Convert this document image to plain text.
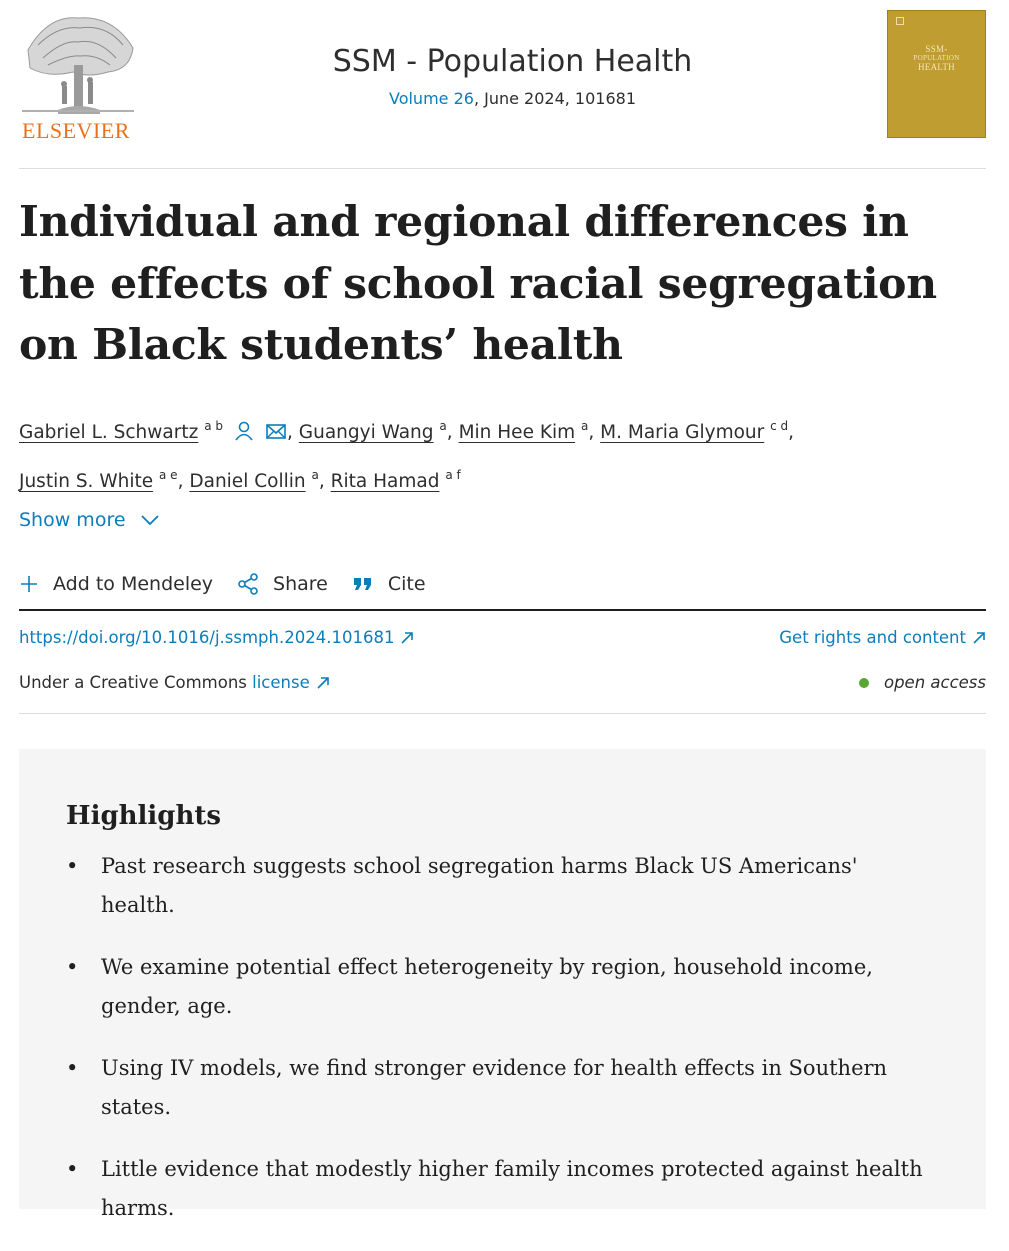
ELSEVIER
SSM - Population Health
Volume 26, June 2024, 101681
SSM-
POPULATION
HEALTH
Individual and regional differences in the effects of school racial segregation on Black students’ health
Gabriel L. Schwartz $^{a b}$	, Guangyi Wang $^a$, Min Hee Kim $^a$, M. Maria Glymour $^{c d}$,
Justin S. White $^{a e}$, Daniel Collin $^a$, Rita Hamad $^{a f}$
Show more
Add to Mendeley	Share	Cite
https://doi.org/10.1016/j.ssmph.2024.101681	Get rights and content
Under a Creative Commons license	open access
Highlights
• Past research suggests school segregation harms Black US Americans' health.
• We examine potential effect heterogeneity by region, household income, gender, age.
• Using IV models, we find stronger evidence for health effects in Southern states.
• Little evidence that modestly higher family incomes protected against health harms.
